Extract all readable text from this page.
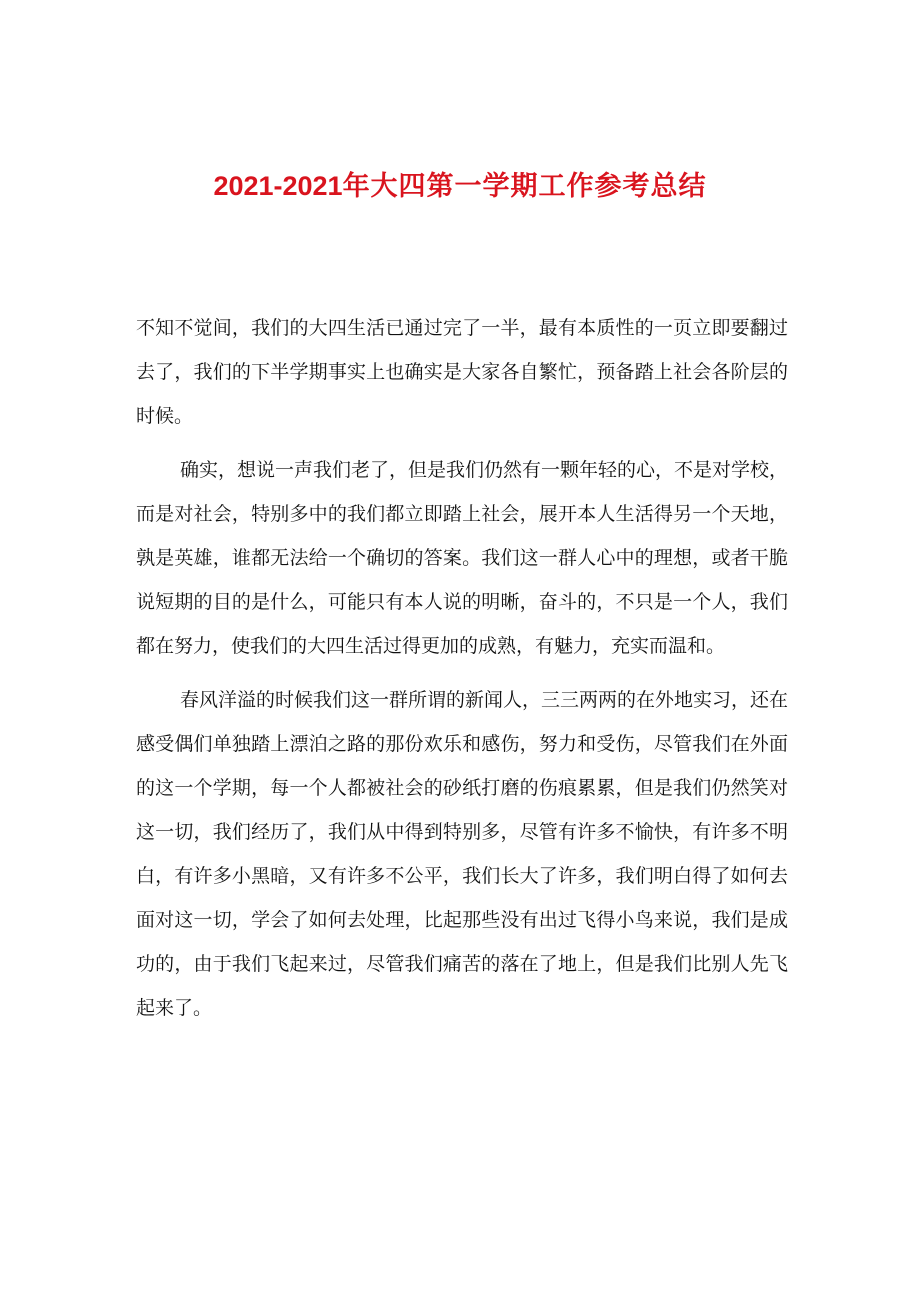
2021-2021年大四第一学期工作参考总结

不知不觉间，我们的大四生活已通过完了一半，最有本质性的一页立即要翻过去了，我们的下半学期事实上也确实是大家各自繁忙，预备踏上社会各阶层的时候。

确实，想说一声我们老了，但是我们仍然有一颗年轻的心，不是对学校，而是对社会，特别多中的我们都立即踏上社会，展开本人生活得另一个天地，孰是英雄，谁都无法给一个确切的答案。我们这一群人心中的理想，或者干脆说短期的目的是什么，可能只有本人说的明晰，奋斗的，不只是一个人，我们都在努力，使我们的大四生活过得更加的成熟，有魅力，充实而温和。

春风洋溢的时候我们这一群所谓的新闻人，三三两两的在外地实习，还在感受偶们单独踏上漂泊之路的那份欢乐和感伤，努力和受伤，尽管我们在外面的这一个学期，每一个人都被社会的砂纸打磨的伤痕累累，但是我们仍然笑对这一切，我们经历了，我们从中得到特别多，尽管有许多不愉快，有许多不明白，有许多小黑暗，又有许多不公平，我们长大了许多，我们明白得了如何去面对这一切，学会了如何去处理，比起那些没有出过飞得小鸟来说，我们是成功的，由于我们飞起来过，尽管我们痛苦的落在了地上，但是我们比别人先飞起来了。
